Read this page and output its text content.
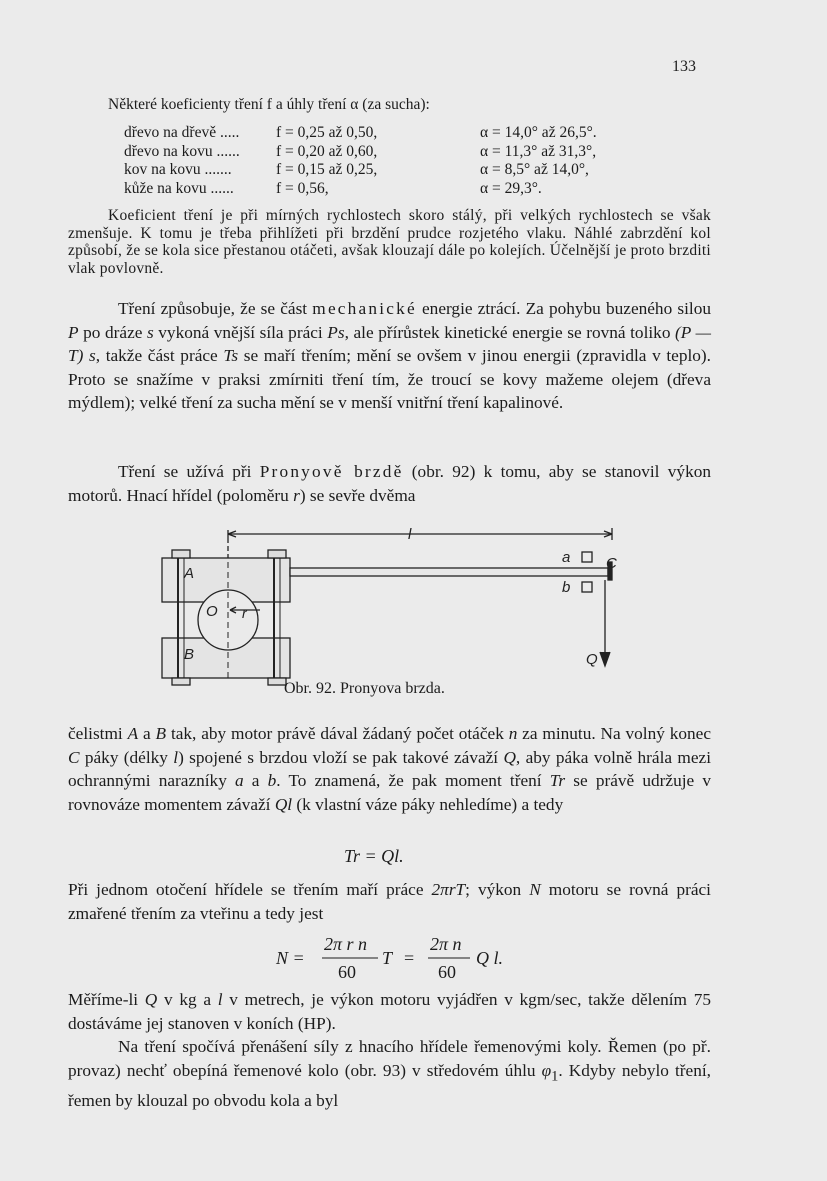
133
Některé koeficienty tření f a úhly tření α (za sucha):
dřevo na dřevě .....	f = 0,25 až 0,50,	α = 14,0° až 26,5°.
dřevo na kovu ......	f = 0,20 až 0,60,	α = 11,3° až 31,3°,
kov na kovu .......	f = 0,15 až 0,25,	α = 8,5° až 14,0°,
kůže na kovu ......	f = 0,56,	α = 29,3°.

Koeficient tření je při mírných rychlostech skoro stálý, při velkých rychlostech se však zmenšuje. K tomu je třeba přihlížeti při brzdění prudce rozjetého vlaku. Náhlé zabrzdění kol způsobí, že se kola sice přestanou otáčeti, avšak klouzají dále po kolejích. Účelnější je proto brzditi vlak povlovně.

Tření způsobuje, že se část mechanické energie ztrácí. Za pohybu buzeného silou P po dráze s vykoná vnější síla práci Ps, ale přírůstek kinetické energie se rovná toliko (P — T) s, takže část práce Ts se maří třením; mění se ovšem v jinou energii (zpravidla v teplo). Proto se snažíme v praksi zmírniti tření tím, že troucí se kovy mažeme olejem (dřeva mýdlem); velké tření za sucha mění se v menší vnitřní tření kapalinové.

Tření se užívá při Pronyově brzdě (obr. 92) k tomu, aby se stanovil výkon motorů. Hnací hřídel (poloměru r) se sevře dvěma

l
A
B
O r
a
b
C
Q
Obr. 92. Pronyova brzda.

čelistmi A a B tak, aby motor právě dával žádaný počet otáček n za minutu. Na volný konec C páky (délky l) spojené s brzdou vloží se pak takové závaží Q, aby páka volně hrála mezi ochrannými narazníky a a b. To znamená, že pak moment tření Tr se právě udržuje v rovnováze momentem závaží Ql (k vlastní váze páky nehledíme) a tedy

Tr = Ql.

Při jednom otočení hřídele se třením maří práce 2πrT; výkon N motoru se rovná práci zmařené třením za vteřinu a tedy jest

N =
2π r n
60
T =
2π n
60
Q l.

Měříme-li Q v kg a l v metrech, je výkon motoru vyjádřen v kgm/sec, takže dělením 75 dostáváme jej stanoven v koních (HP).

Na tření spočívá přenášení síly z hnacího hřídele řemenovými koly. Řemen (po př. provaz) nechť obepíná řemenové kolo (obr. 93) v středovém úhlu $\varphi_1$. Kdyby nebylo tření, řemen by klouzal po obvodu kola a byl
